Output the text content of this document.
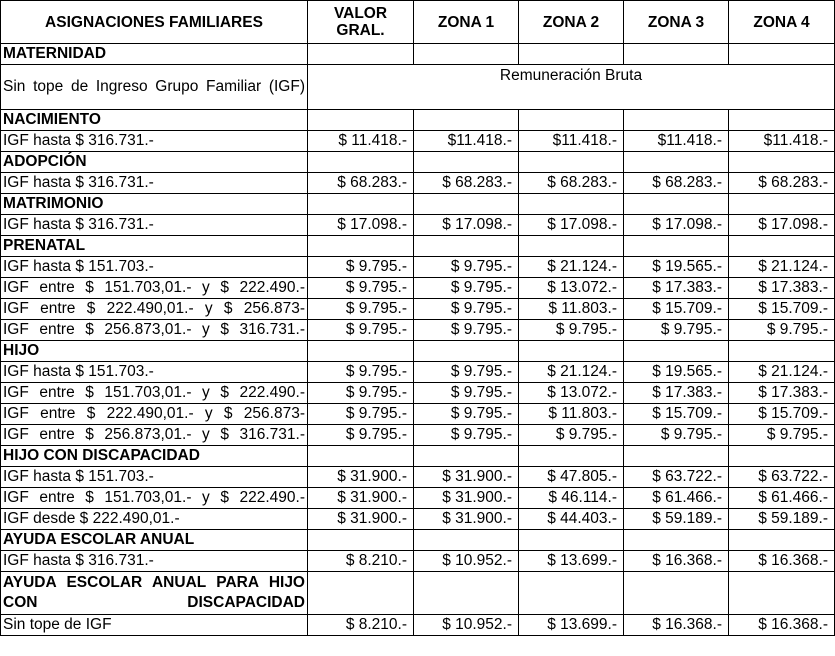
ASIGNACIONES FAMILIARES	VALOR GRAL.	ZONA 1	ZONA 2	ZONA 3	ZONA 4
MATERNIDAD					
Sin tope de Ingreso Grupo Familiar (IGF)	Remuneración Bruta				
NACIMIENTO					
IGF hasta $ 316.731.-	$ 11.418.-	$11.418.-	$11.418.-	$11.418.-	$11.418.-
ADOPCIÓN					
IGF hasta $ 316.731.-	$ 68.283.-	$ 68.283.-	$ 68.283.-	$ 68.283.-	$ 68.283.-
MATRIMONIO					
IGF hasta $ 316.731.-	$ 17.098.-	$ 17.098.-	$ 17.098.-	$ 17.098.-	$ 17.098.-
PRENATAL					
IGF hasta $ 151.703.-	$ 9.795.-	$ 9.795.-	$ 21.124.-	$ 19.565.-	$ 21.124.-
IGF entre $ 151.703,01.- y $ 222.490.-	$ 9.795.-	$ 9.795.-	$ 13.072.-	$ 17.383.-	$ 17.383.-
IGF entre $ 222.490,01.- y $ 256.873-	$ 9.795.-	$ 9.795.-	$ 11.803.-	$ 15.709.-	$ 15.709.-
IGF entre $ 256.873,01.- y $ 316.731.-	$ 9.795.-	$ 9.795.-	$ 9.795.-	$ 9.795.-	$ 9.795.-
HIJO					
IGF hasta $ 151.703.-	$ 9.795.-	$ 9.795.-	$ 21.124.-	$ 19.565.-	$ 21.124.-
IGF entre $ 151.703,01.- y $ 222.490.-	$ 9.795.-	$ 9.795.-	$ 13.072.-	$ 17.383.-	$ 17.383.-
IGF entre $ 222.490,01.- y $ 256.873-	$ 9.795.-	$ 9.795.-	$ 11.803.-	$ 15.709.-	$ 15.709.-
IGF entre $ 256.873,01.- y $ 316.731.-	$ 9.795.-	$ 9.795.-	$ 9.795.-	$ 9.795.-	$ 9.795.-
HIJO CON DISCAPACIDAD					
IGF hasta $ 151.703.-	$ 31.900.-	$ 31.900.-	$ 47.805.-	$ 63.722.-	$ 63.722.-
IGF entre $ 151.703,01.- y $ 222.490.-	$ 31.900.-	$ 31.900.-	$ 46.114.-	$ 61.466.-	$ 61.466.-
IGF desde $ 222.490,01.-	$ 31.900.-	$ 31.900.-	$ 44.403.-	$ 59.189.-	$ 59.189.-
AYUDA ESCOLAR ANUAL					
IGF hasta $ 316.731.-	$ 8.210.-	$ 10.952.-	$ 13.699.-	$ 16.368.-	$ 16.368.-
AYUDA ESCOLAR ANUAL PARA HIJO CON DISCAPACIDAD					
Sin tope de IGF	$ 8.210.-	$ 10.952.-	$ 13.699.-	$ 16.368.-	$ 16.368.-
